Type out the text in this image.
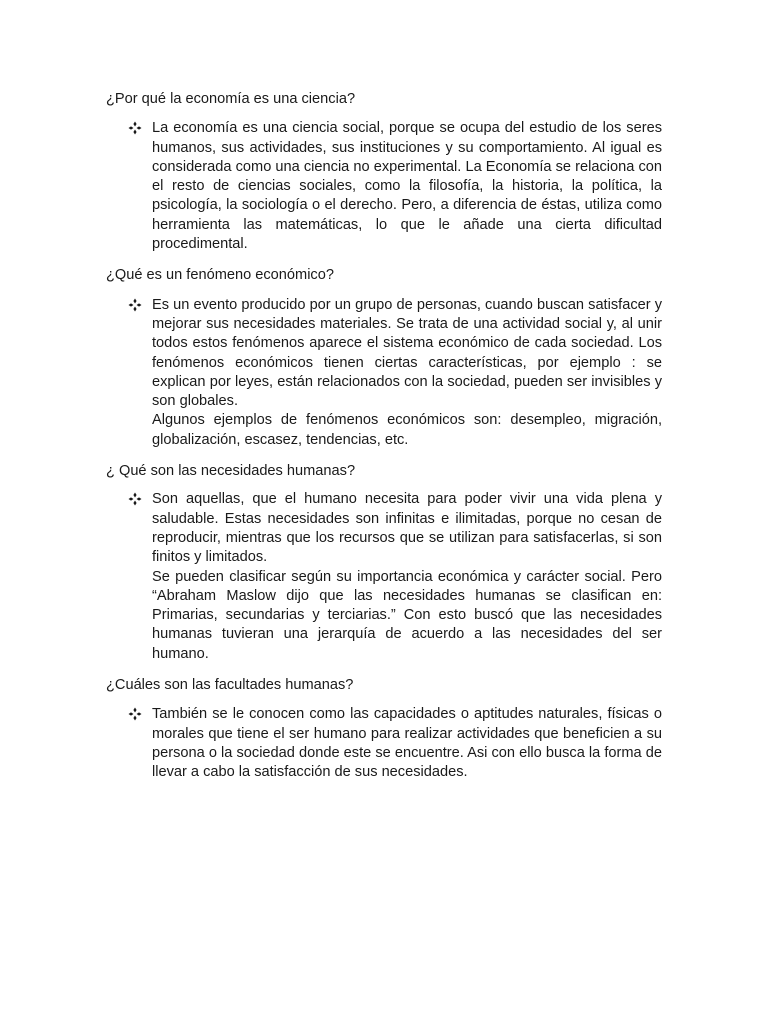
¿Por qué la economía es una ciencia?

La economía es una ciencia social, porque se ocupa del estudio de los seres humanos, sus actividades, sus instituciones y su comportamiento. Al igual es considerada como una ciencia no experimental. La Economía se relaciona con el resto de ciencias sociales, como la filosofía, la historia, la política, la psicología, la sociología o el derecho. Pero, a diferencia de éstas, utiliza como herramienta las matemáticas, lo que le añade una cierta dificultad procedimental.

¿Qué es un fenómeno económico?

Es un evento producido por un grupo de personas, cuando buscan satisfacer y mejorar sus necesidades materiales. Se trata de una actividad social y, al unir todos estos fenómenos aparece el sistema económico de cada sociedad. Los fenómenos económicos tienen ciertas características, por ejemplo : se explican por leyes, están relacionados con la sociedad, pueden ser invisibles y son globales.

Algunos ejemplos de fenómenos económicos son: desempleo, migración, globalización, escasez, tendencias, etc.

¿ Qué son las necesidades humanas?

Son aquellas, que el humano necesita para poder vivir una vida plena y saludable. Estas necesidades son infinitas e ilimitadas, porque no cesan de reproducir, mientras que los recursos que se utilizan para satisfacerlas, si son finitos y limitados.

Se pueden clasificar según su importancia económica y carácter social. Pero “Abraham Maslow dijo que las necesidades humanas se clasifican en: Primarias, secundarias y terciarias.” Con esto buscó que las necesidades humanas tuvieran una jerarquía de acuerdo a las necesidades del ser humano.

¿Cuáles son las facultades humanas?

También se le conocen como las capacidades o aptitudes naturales, físicas o morales que tiene el ser humano para realizar actividades que beneficien a su persona o la sociedad donde este se encuentre. Asi con ello busca la forma de llevar a cabo la satisfacción de sus necesidades.
